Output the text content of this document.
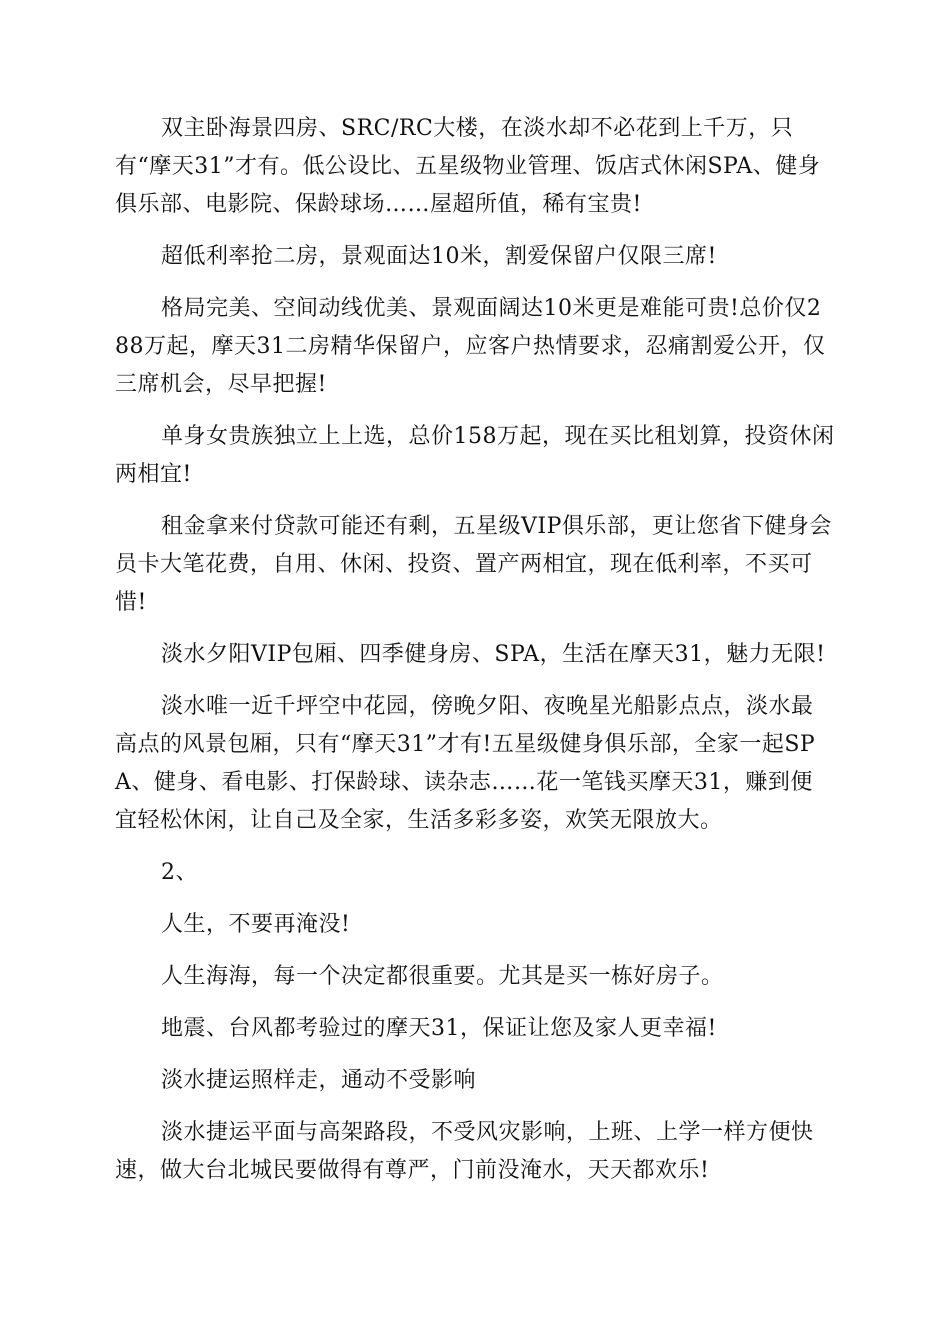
双主卧海景四房、SRC/RC大楼，在淡水却不必花到上千万，只有“摩天31”才有。低公设比、五星级物业管理、饭店式休闲SPA、健身俱乐部、电影院、保龄球场……屋超所值，稀有宝贵!

超低利率抢二房，景观面达10米，割爱保留户仅限三席!

格局完美、空间动线优美、景观面阔达10米更是难能可贵!总价仅288万起，摩天31二房精华保留户，应客户热情要求，忍痛割爱公开，仅三席机会，尽早把握!

单身女贵族独立上上选，总价158万起，现在买比租划算，投资休闲两相宜!

租金拿来付贷款可能还有剩，五星级VIP俱乐部，更让您省下健身会员卡大笔花费，自用、休闲、投资、置产两相宜，现在低利率，不买可惜!

淡水夕阳VIP包厢、四季健身房、SPA，生活在摩天31，魅力无限!

淡水唯一近千坪空中花园，傍晚夕阳、夜晚星光船影点点，淡水最高点的风景包厢，只有“摩天31”才有!五星级健身俱乐部，全家一起SPA、健身、看电影、打保龄球、读杂志……花一笔钱买摩天31，赚到便宜轻松休闲，让自己及全家，生活多彩多姿，欢笑无限放大。

2、

人生，不要再淹没!

人生海海，每一个决定都很重要。尤其是买一栋好房子。

地震、台风都考验过的摩天31，保证让您及家人更幸福!

淡水捷运照样走，通动不受影响

淡水捷运平面与高架路段，不受风灾影响，上班、上学一样方便快速，做大台北城民要做得有尊严，门前没淹水，天天都欢乐!
